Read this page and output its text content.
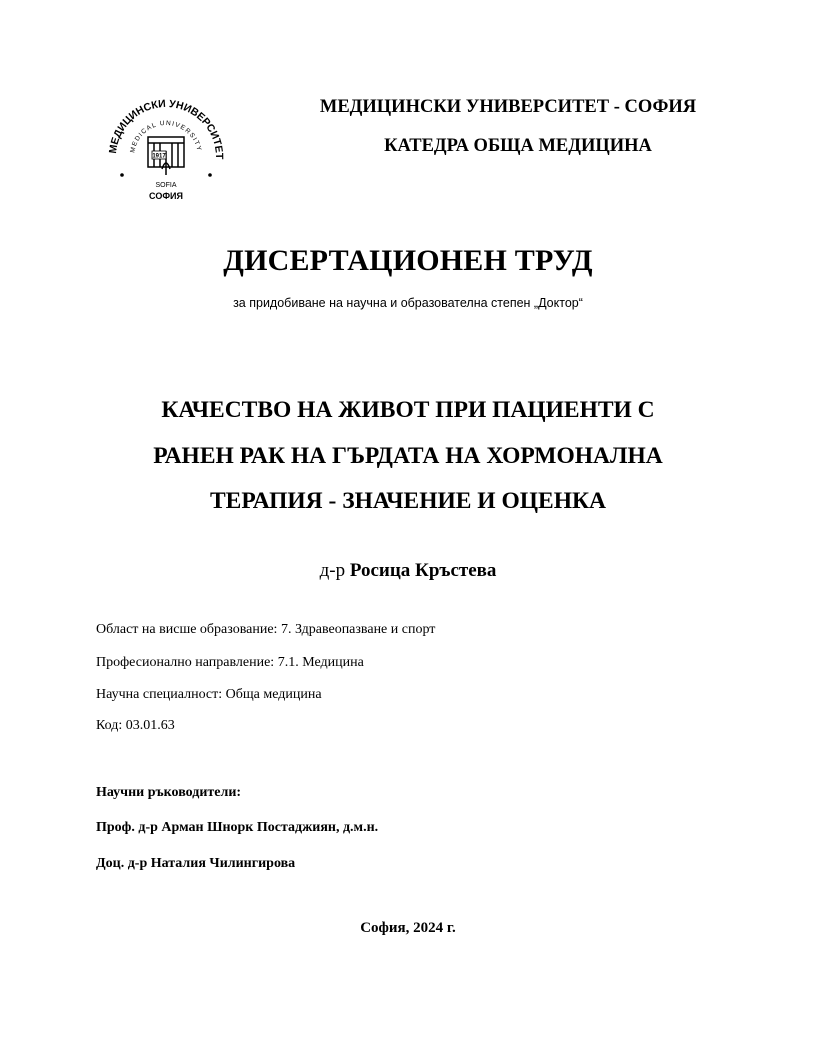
МЕДИЦИНСКИ УНИВЕРСИТЕТ
MEDICAL UNIVERSITY
1917
SOFIA
СОФИЯ
МЕДИЦИНСКИ УНИВЕРСИТЕТ - СОФИЯ
КАТЕДРА ОБЩА МЕДИЦИНА
ДИСЕРТАЦИОНЕН ТРУД
за придобиване на научна и образователна степен „Доктор“
КАЧЕСТВО НА ЖИВОТ ПРИ ПАЦИЕНТИ С
РАНЕН РАК НА ГЪРДАТА НА ХОРМОНАЛНА
ТЕРАПИЯ - ЗНАЧЕНИЕ И ОЦЕНКА
д-р Росица Кръстева
Област на висше образование: 7. Здравеопазване и спорт
Професионално направление: 7.1. Медицина
Научна специалност: Обща медицина
Код: 03.01.63
Научни ръководители:
Проф. д-р Арман Шнорк Постаджиян, д.м.н.
Доц. д-р Наталия Чилингирова
София, 2024 г.
